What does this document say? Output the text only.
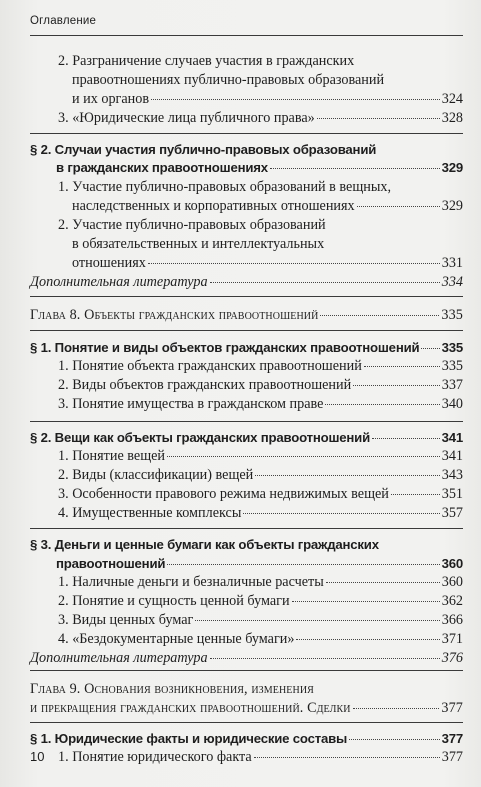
Оглавление
2. Разграничение случаев участия в гражданских
правоотношениях публично-правовых образований
и их органов	324
3. «Юридические лица публичного права»	328
§ 2. Случаи участия публично-правовых образований
в гражданских правоотношениях	329
1. Участие публично-правовых образований в вещных,
наследственных и корпоративных отношениях	329
2. Участие публично-правовых образований
в обязательственных и интеллектуальных
отношениях	331
Дополнительная литература	334
Глава 8. Объекты гражданских правоотношений	335
§ 1. Понятие и виды объектов гражданских правоотношений 335
1. Понятие объекта гражданских правоотношений	335
2. Виды объектов гражданских правоотношений	337
3. Понятие имущества в гражданском праве	340
§ 2. Вещи как объекты гражданских правоотношений	341
1. Понятие вещей	341
2. Виды (классификации) вещей	343
3. Особенности правового режима недвижимых вещей	351
4. Имущественные комплексы	357
§ 3. Деньги и ценные бумаги как объекты гражданских
правоотношений	360
1. Наличные деньги и безналичные расчеты	360
2. Понятие и сущность ценной бумаги	362
3. Виды ценных бумаг	366
4. «Бездокументарные ценные бумаги»	371
Дополнительная литература	376
Глава 9. Основания возникновения, изменения
и прекращения гражданских правоотношений. Сделки	377
§ 1. Юридические факты и юридические составы	377
1. Понятие юридического факта	377
10
